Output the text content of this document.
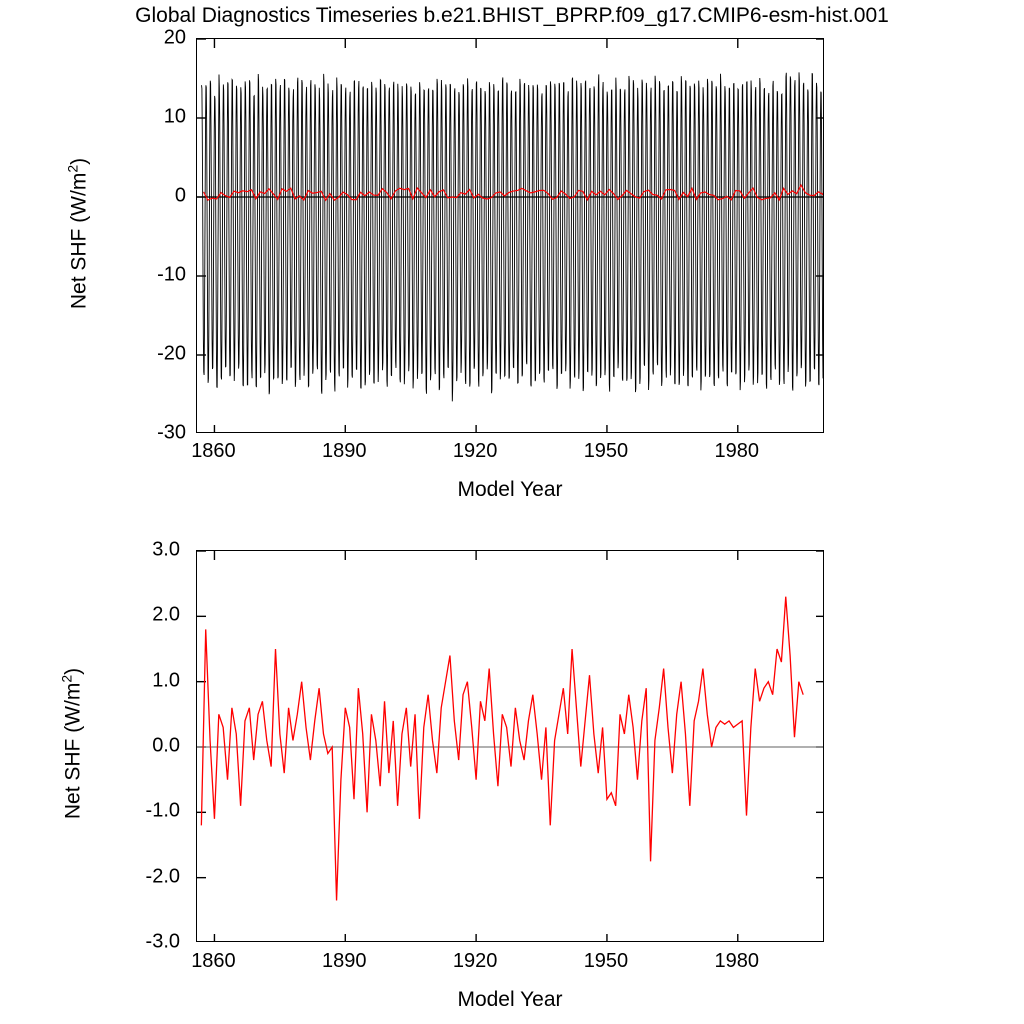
Global Diagnostics Timeseries b.e21.BHIST_BPRP.f09_g17.CMIP6-esm-hist.001
-30
-20
-10
0
10
20
1860	1890	1920	1950	1980
Model Year
Net SHF $(W/m^2)$
-3.0
-2.0
-1.0
0.0
1.0
2.0
3.0
1860	1890	1920	1950	1980
Model Year
Net SHF $(W/m^2)$
